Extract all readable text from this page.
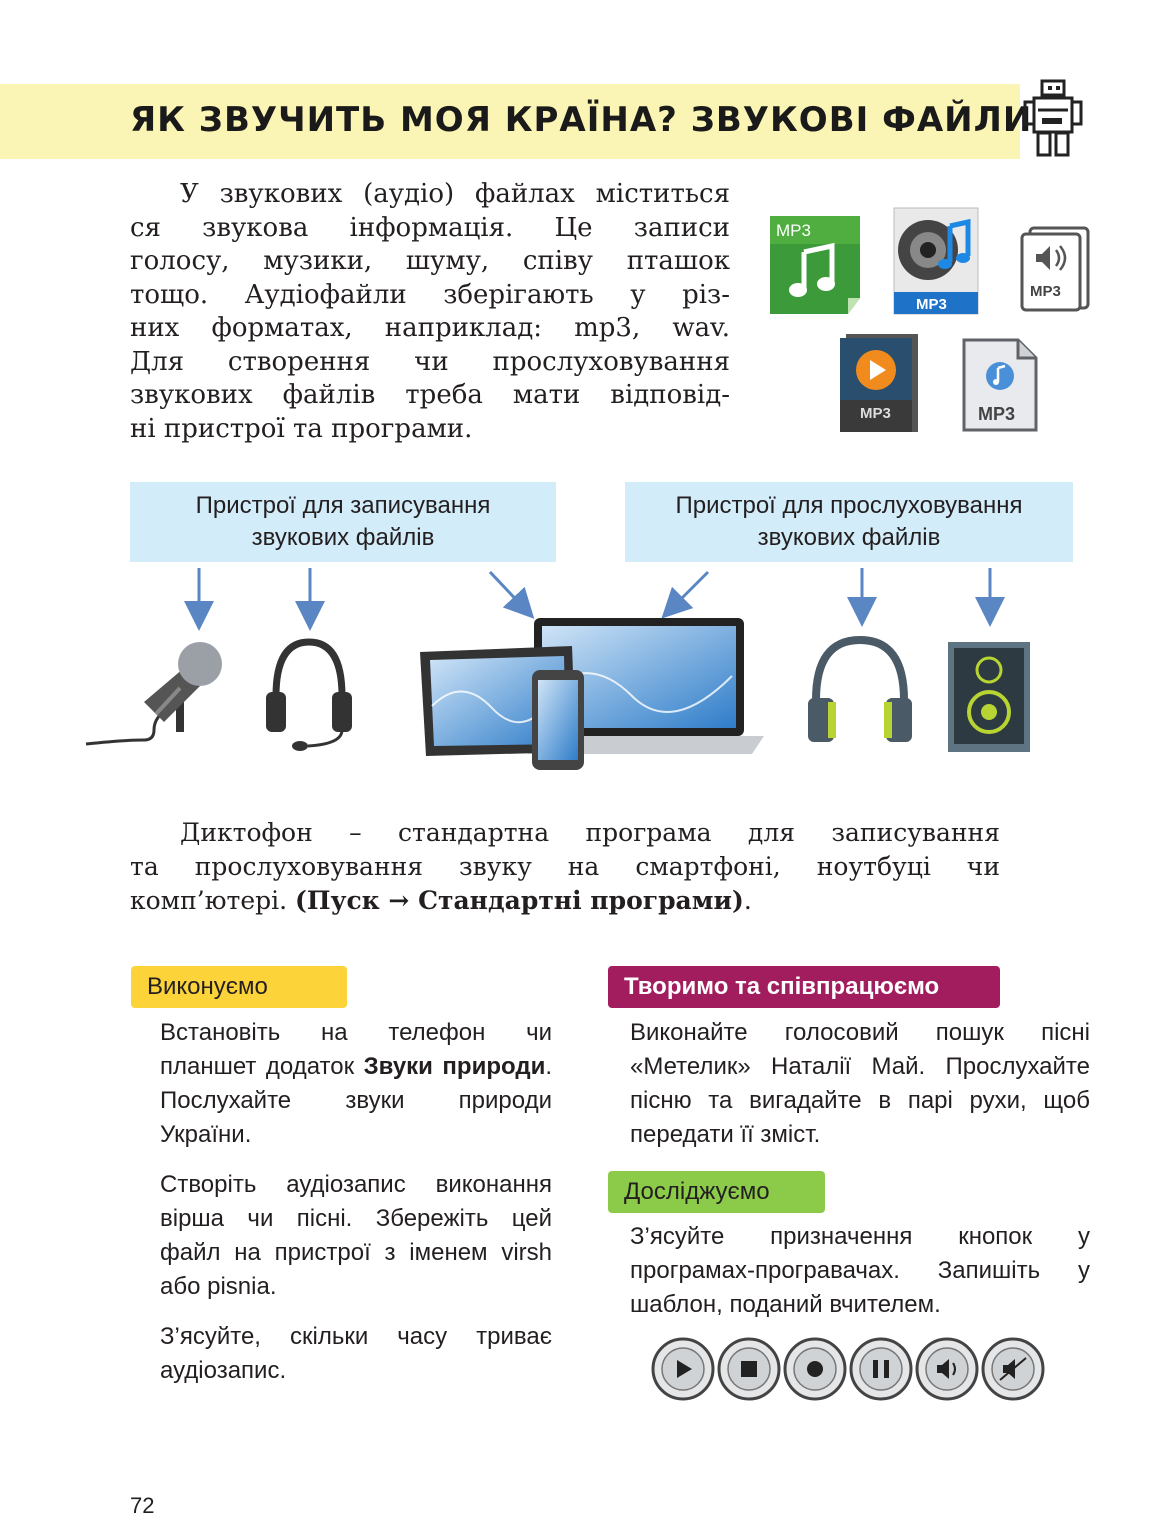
ЯК ЗВУЧИТЬ МОЯ КРАЇНА? ЗВУКОВІ ФАЙЛИ
У звукових (аудіо) файлах міститься
ся звукова інформація. Це записи
голосу, музики, шуму, співу пташок
тощо. Аудіофайли зберігають у різ-
них форматах, наприклад: mp3, wav.
Для створення чи прослуховування
звукових файлів треба мати відповід-
ні пристрої та програми.
MP3
MP3
MP3
MP3	MP3
Пристрої для записування
звукових файлів
Пристрої для прослуховування
звукових файлів
Диктофон – стандартна програма для записування
та прослуховування звуку на смартфоні, ноутбуці чи
комп’ютері. (Пуск → Стандартні програми).
Виконуємо	Творимо та співпрацюємо
Досліджуємо

Встановіть на телефон чи планшет додаток Звуки природи. Послухайте звуки природи України.

Створіть аудіозапис виконання вірша чи пісні. Збережіть цей файл на пристрої з іменем virsh або pisnia.

З’ясуйте, скільки часу триває аудіозапис.

Виконайте голосовий пошук пісні «Метелик» Наталії Май. Прослухайте пісню та вигадайте в парі рухи, щоб передати її зміст.

З’ясуйте призначення кнопок у програмах-програвачах. Запишіть у шаблон, поданий вчителем.

72
